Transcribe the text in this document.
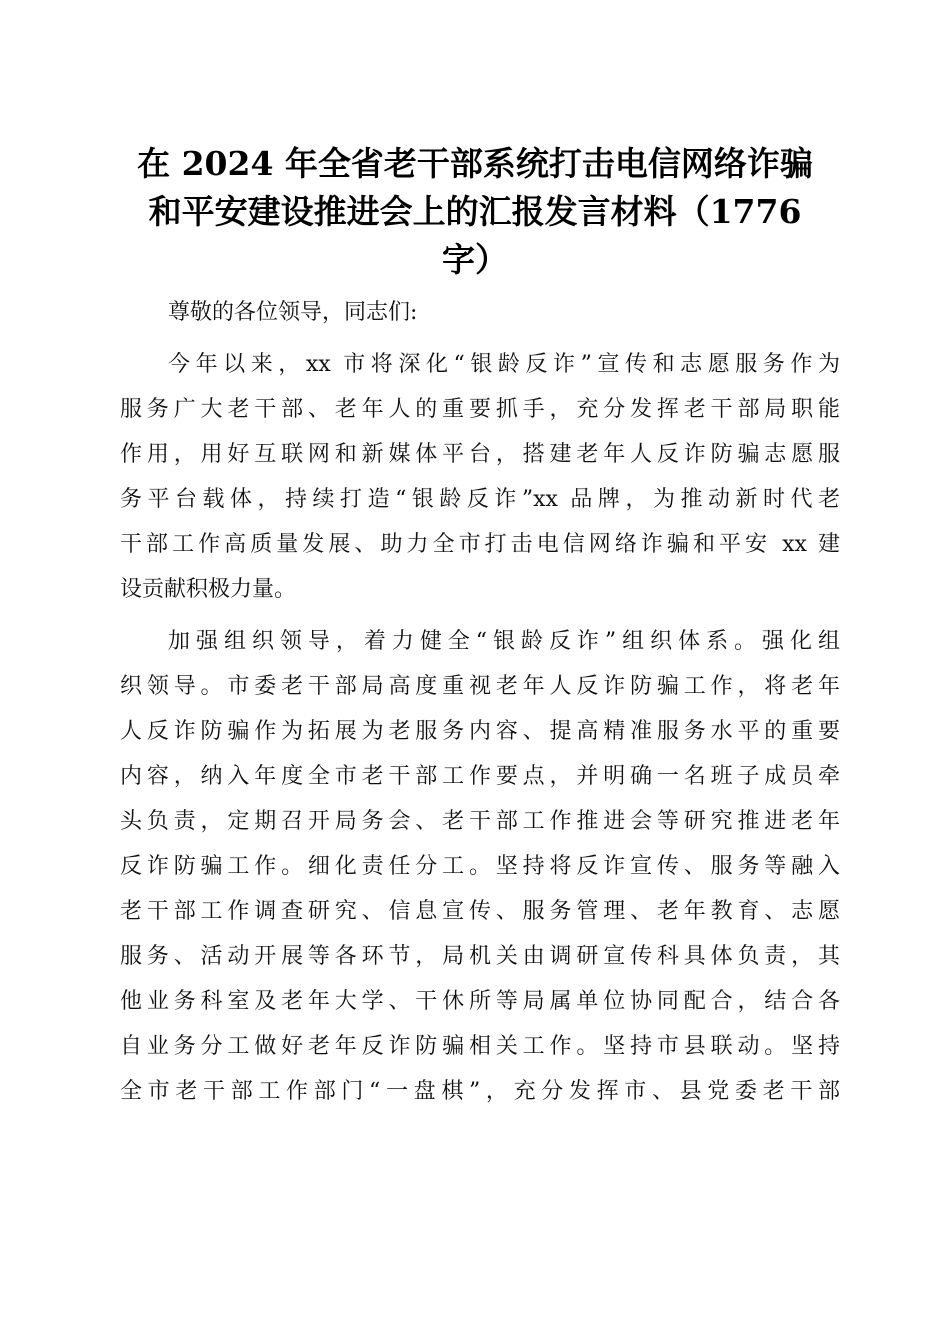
在 2024 年全省老干部系统打击电信网络诈骗
和平安建设推进会上的汇报发言材料（1776
字）
尊敬的各位领导，同志们:
今年以来，xx 市将深化“银龄反诈”宣传和志愿服务作为
服务广大老干部、老年人的重要抓手，充分发挥老干部局职能
作用，用好互联网和新媒体平台，搭建老年人反诈防骗志愿服
务平台载体，持续打造“银龄反诈”xx 品牌，为推动新时代老
干部工作高质量发展、助力全市打击电信网络诈骗和平安 xx 建
设贡献积极力量。
加强组织领导，着力健全“银龄反诈”组织体系。强化组
织领导。市委老干部局高度重视老年人反诈防骗工作，将老年
人反诈防骗作为拓展为老服务内容、提高精准服务水平的重要
内容，纳入年度全市老干部工作要点，并明确一名班子成员牵
头负责，定期召开局务会、老干部工作推进会等研究推进老年
反诈防骗工作。细化责任分工。坚持将反诈宣传、服务等融入
老干部工作调查研究、信息宣传、服务管理、老年教育、志愿
服务、活动开展等各环节，局机关由调研宣传科具体负责，其
他业务科室及老年大学、干休所等局属单位协同配合，结合各
自业务分工做好老年反诈防骗相关工作。坚持市县联动。坚持
全市老干部工作部门“一盘棋”，充分发挥市、县党委老干部
